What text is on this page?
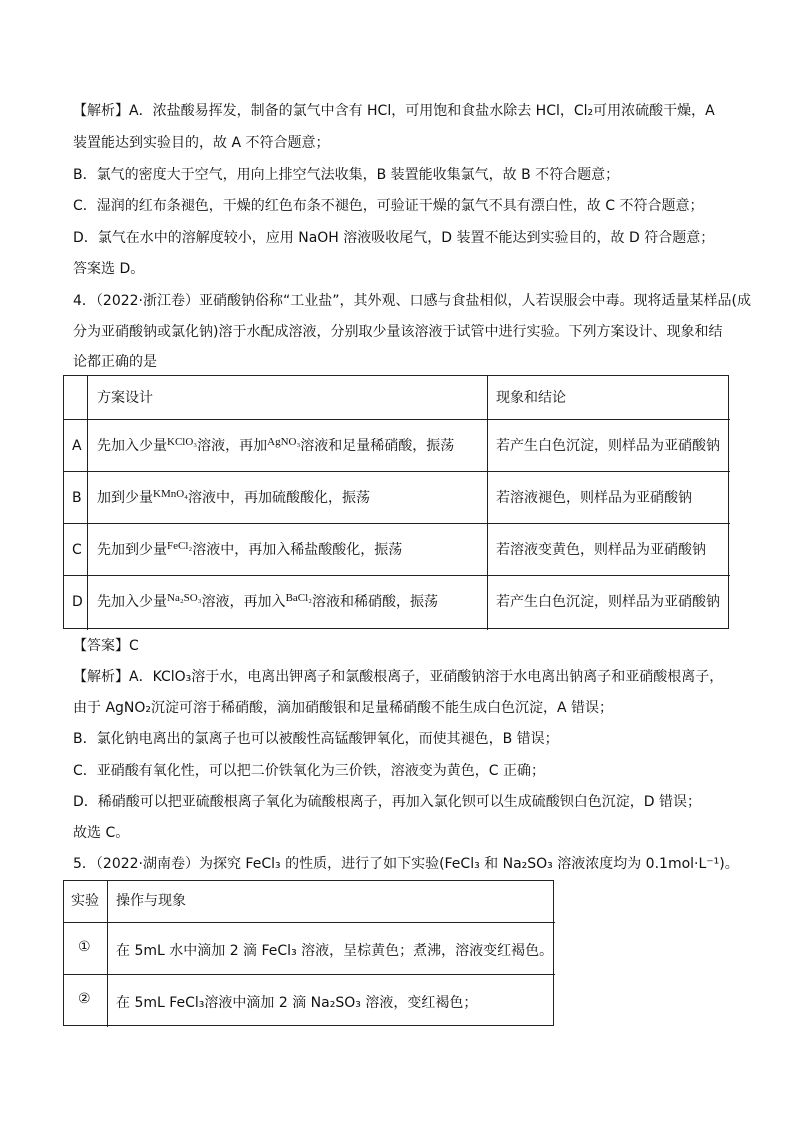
【解析】A．浓盐酸易挥发，制备的氯气中含有 HCl，可用饱和食盐水除去 HCl，Cl₂可用浓硫酸干燥，A
装置能达到实验目的，故 A 不符合题意；
B．氯气的密度大于空气，用向上排空气法收集，B 装置能收集氯气，故 B 不符合题意；
C．湿润的红布条褪色，干燥的红色布条不褪色，可验证干燥的氯气不具有漂白性，故 C 不符合题意；
D．氯气在水中的溶解度较小，应用 NaOH 溶液吸收尾气，D 装置不能达到实验目的，故 D 符合题意；
答案选 D。
4．（2022·浙江卷）亚硝酸钠俗称“工业盐”，其外观、口感与食盐相似，人若误服会中毒。现将适量某样品(成
分为亚硝酸钠或氯化钠)溶于水配成溶液，分别取少量该溶液于试管中进行实验。下列方案设计、现象和结
论都正确的是
方案设计	现象和结论
A 先加入少量$^{KClO_3}$溶液，再加$^{AgNO_3}$溶液和足量稀硝酸，振荡	若产生白色沉淀，则样品为亚硝酸钠
B 加到少量$^{KMnO_4}$溶液中，再加硫酸酸化，振荡	若溶液褪色，则样品为亚硝酸钠
C 先加到少量$^{FeCl_2}$溶液中，再加入稀盐酸酸化，振荡	若溶液变黄色，则样品为亚硝酸钠
D 先加入少量$^{Na_2SO_3}$溶液，再加入$^{BaCl_2}$溶液和稀硝酸，振荡	若产生白色沉淀，则样品为亚硝酸钠
【答案】C
【解析】A．KClO₃溶于水，电离出钾离子和氯酸根离子，亚硝酸钠溶于水电离出钠离子和亚硝酸根离子，
由于 AgNO₂沉淀可溶于稀硝酸，滴加硝酸银和足量稀硝酸不能生成白色沉淀，A 错误；
B．氯化钠电离出的氯离子也可以被酸性高锰酸钾氧化，而使其褪色，B 错误；
C．亚硝酸有氧化性，可以把二价铁氧化为三价铁，溶液变为黄色，C 正确；
D．稀硝酸可以把亚硫酸根离子氧化为硫酸根离子，再加入氯化钡可以生成硫酸钡白色沉淀，D 错误；
故选 C。
5．（2022·湖南卷）为探究 FeCl₃ 的性质，进行了如下实验(FeCl₃ 和 Na₂SO₃ 溶液浓度均为 0.1mol·L⁻¹)。
实验 操作与现象
① 在 5mL 水中滴加 2 滴 FeCl₃ 溶液，呈棕黄色；煮沸，溶液变红褐色。
② 在 5mL FeCl₃溶液中滴加 2 滴 Na₂SO₃ 溶液，变红褐色；
